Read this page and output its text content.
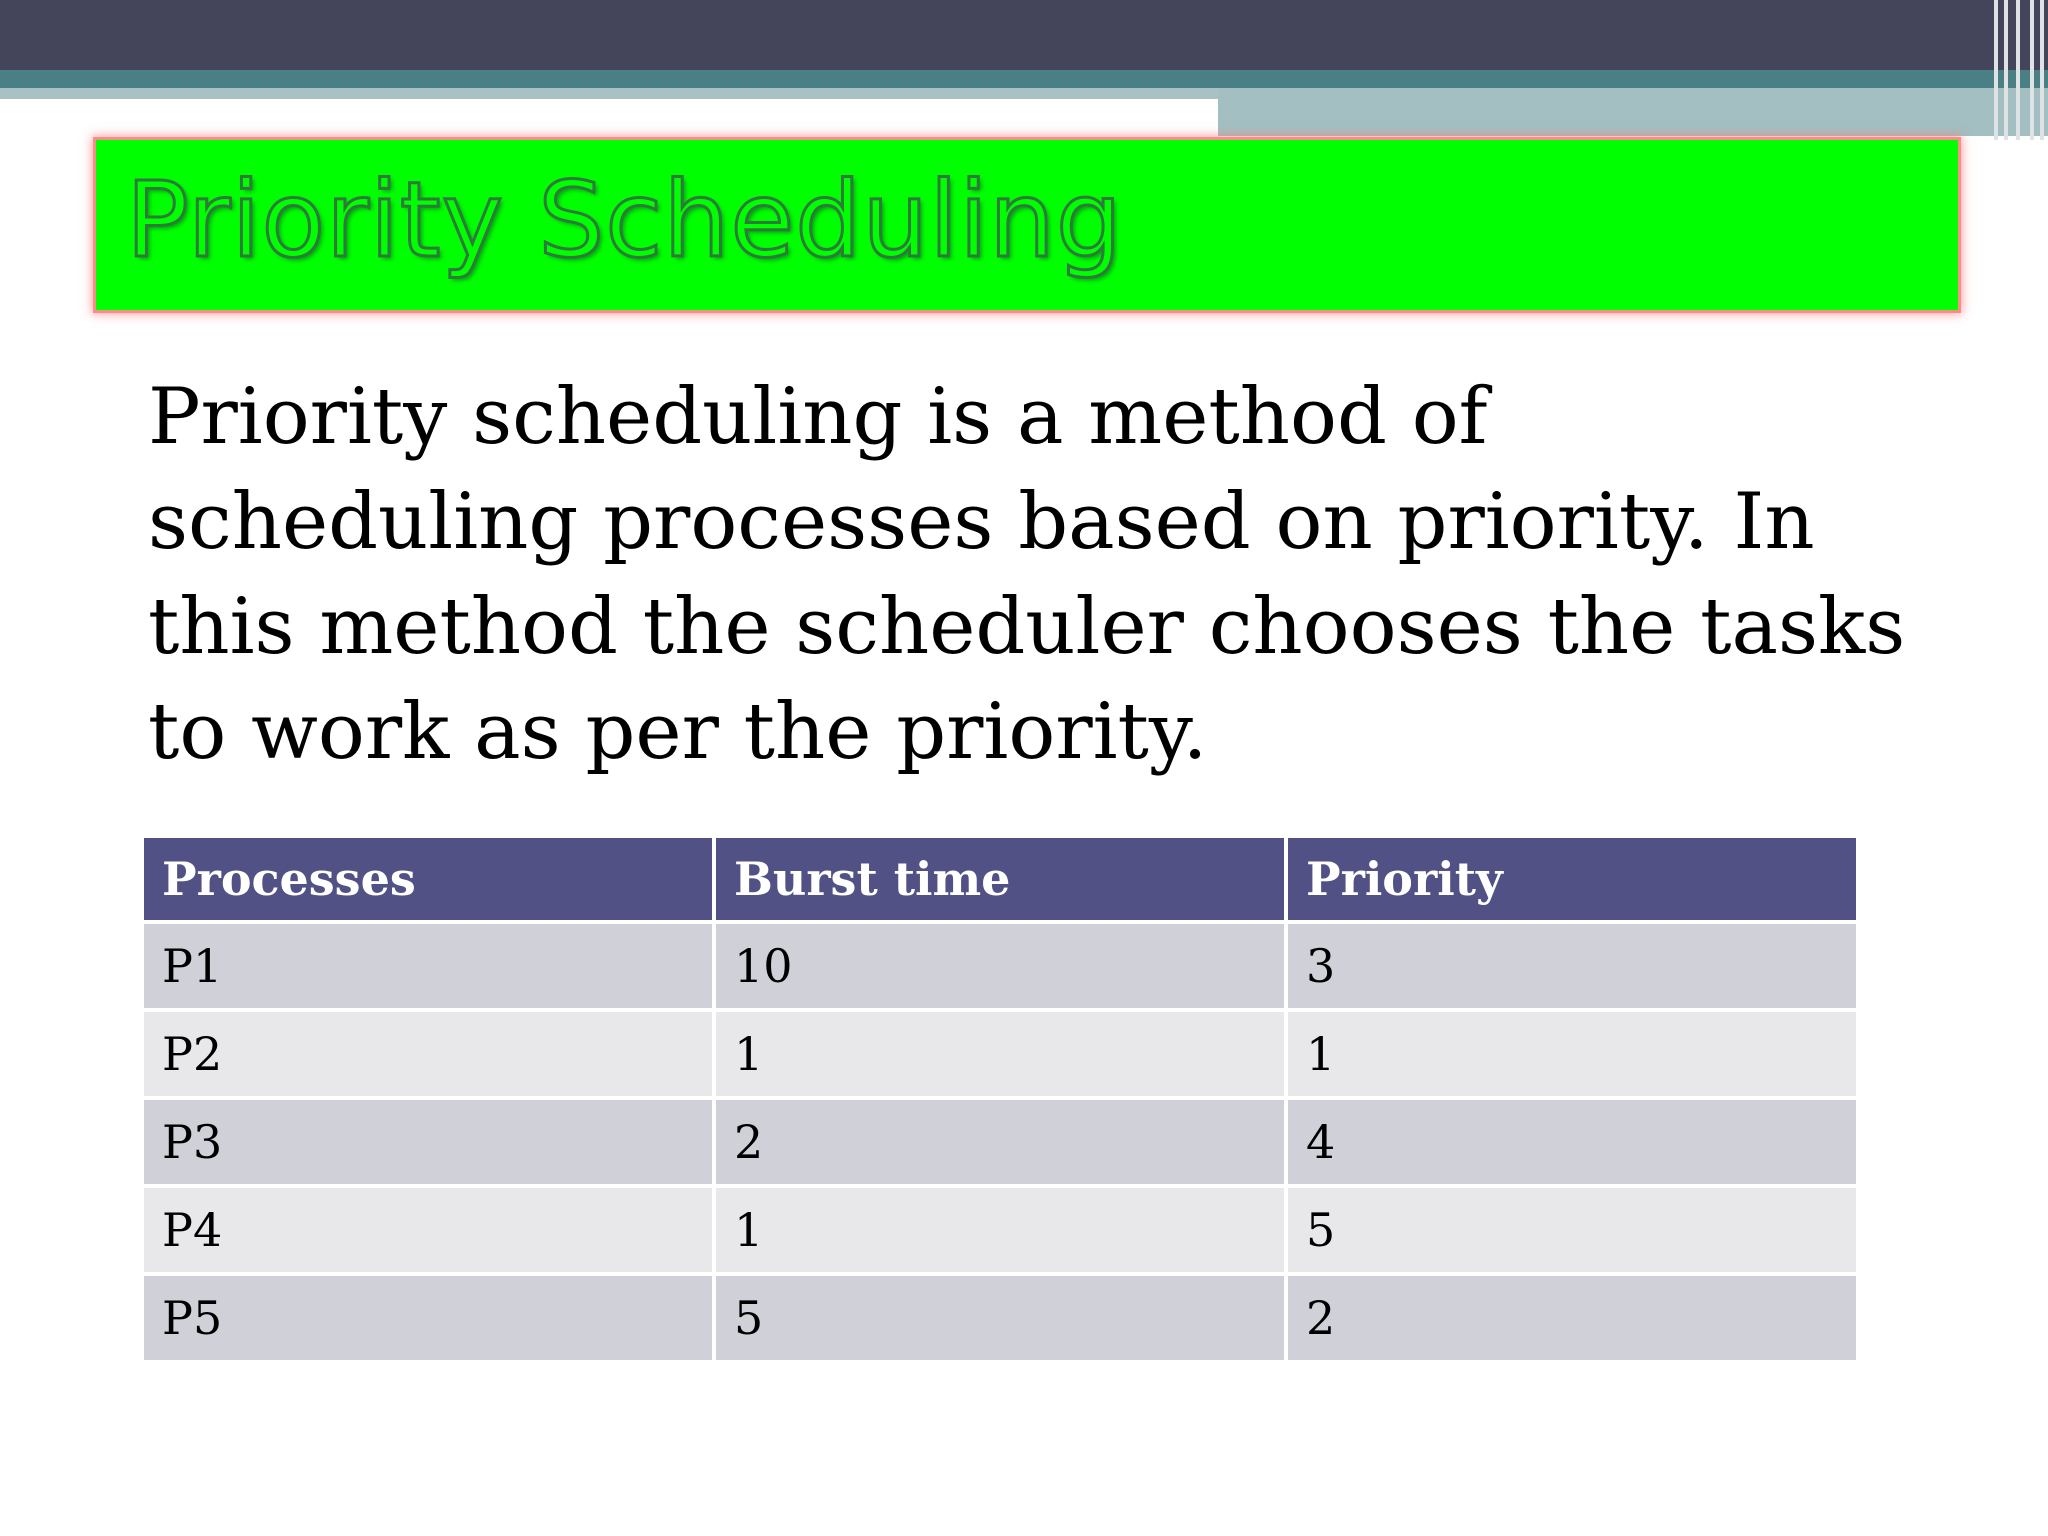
Priority Scheduling

Priority scheduling is a method of scheduling processes based on priority. In this method the scheduler chooses the tasks to work as per the priority.

Processes	Burst time	Priority
P1	10	3
P2	1	1
P3	2	4
P4	1	5
P5	5	2
